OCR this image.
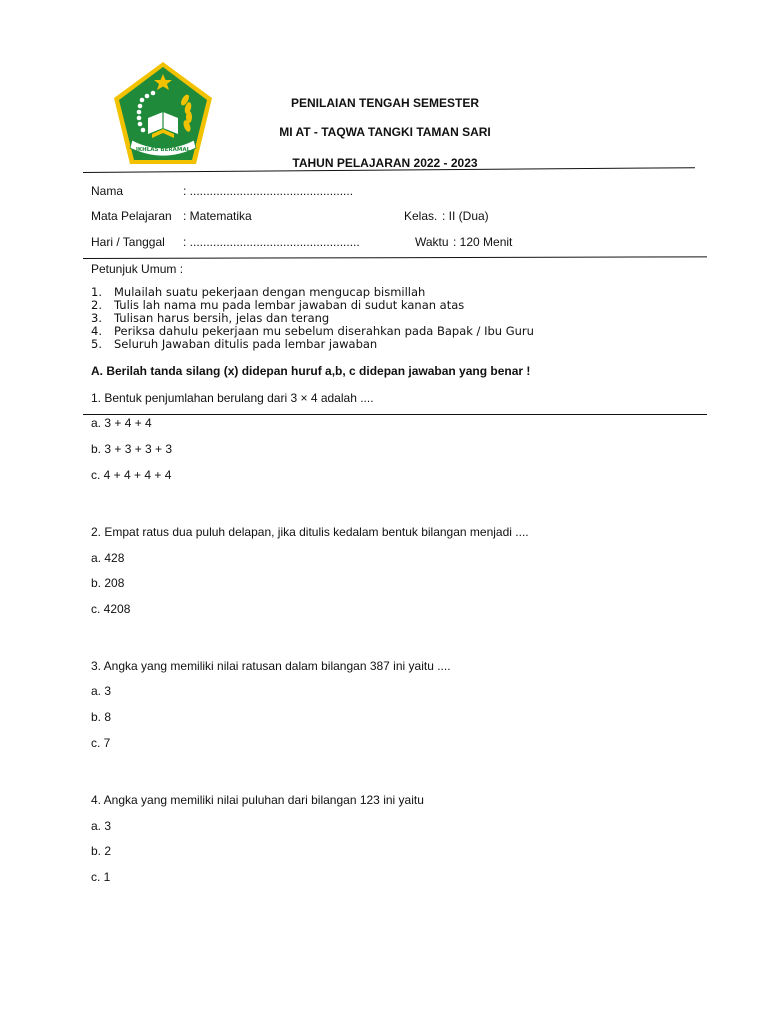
IKHLAS BERAMAL
PENILAIAN TENGAH SEMESTER
MI AT - TAQWA TANGKI TAMAN SARI
TAHUN PELAJARAN 2022 - 2023
Nama	: .................................................
Mata Pelajaran : Matematika	Kelas. : II (Dua)
Hari / Tanggal : ...................................................	Waktu : 120 Menit
Petunjuk Umum :
1. Mulailah suatu pekerjaan dengan mengucap bismillah
2. Tulis lah nama mu pada lembar jawaban di sudut kanan atas
3. Tulisan harus bersih, jelas dan terang
4. Periksa dahulu pekerjaan mu sebelum diserahkan pada Bapak / Ibu Guru
5. Seluruh Jawaban ditulis pada lembar jawaban
A. Berilah tanda silang (x) didepan huruf a,b, c didepan jawaban yang benar !
1. Bentuk penjumlahan berulang dari 3 × 4 adalah ....
a. 3 + 4 + 4
b. 3 + 3 + 3 + 3
c. 4 + 4 + 4 + 4
2. Empat ratus dua puluh delapan, jika ditulis kedalam bentuk bilangan menjadi ....
a. 428
b. 208
c. 4208
3. Angka yang memiliki nilai ratusan dalam bilangan 387 ini yaitu ....
a. 3
b. 8
c. 7
4. Angka yang memiliki nilai puluhan dari bilangan 123 ini yaitu
a. 3
b. 2
c. 1
